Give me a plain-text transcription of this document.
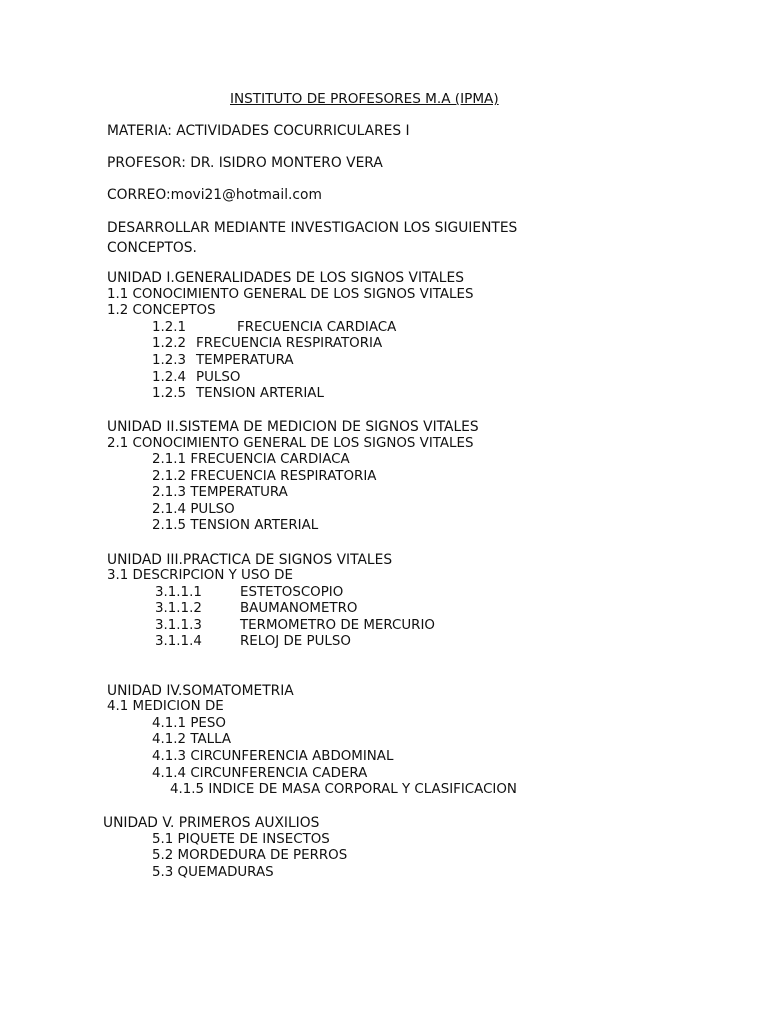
INSTITUTO DE PROFESORES M.A (IPMA)
MATERIA: ACTIVIDADES COCURRICULARES I
PROFESOR: DR. ISIDRO MONTERO VERA
CORREO:movi21@hotmail.com
DESARROLLAR MEDIANTE INVESTIGACION LOS SIGUIENTES
CONCEPTOS.
UNIDAD I.GENERALIDADES DE LOS SIGNOS VITALES
1.1 CONOCIMIENTO GENERAL DE LOS SIGNOS VITALES
1.2 CONCEPTOS
1.2.1	FRECUENCIA CARDIACA
1.2.2 FRECUENCIA RESPIRATORIA
1.2.3 TEMPERATURA
1.2.4 PULSO
1.2.5 TENSION ARTERIAL
UNIDAD II.SISTEMA DE MEDICION DE SIGNOS VITALES
2.1 CONOCIMIENTO GENERAL DE LOS SIGNOS VITALES
2.1.1 FRECUENCIA CARDIACA
2.1.2 FRECUENCIA RESPIRATORIA
2.1.3 TEMPERATURA
2.1.4 PULSO
2.1.5 TENSION ARTERIAL
UNIDAD III.PRACTICA DE SIGNOS VITALES
3.1 DESCRIPCION Y USO DE
3.1.1.1	ESTETOSCOPIO
3.1.1.2	BAUMANOMETRO
3.1.1.3	TERMOMETRO DE MERCURIO
3.1.1.4	RELOJ DE PULSO
UNIDAD IV.SOMATOMETRIA
4.1 MEDICION DE
4.1.1 PESO
4.1.2 TALLA
4.1.3 CIRCUNFERENCIA ABDOMINAL
4.1.4 CIRCUNFERENCIA CADERA
4.1.5 INDICE DE MASA CORPORAL Y CLASIFICACION
UNIDAD V. PRIMEROS AUXILIOS
5.1 PIQUETE DE INSECTOS
5.2 MORDEDURA DE PERROS
5.3 QUEMADURAS
